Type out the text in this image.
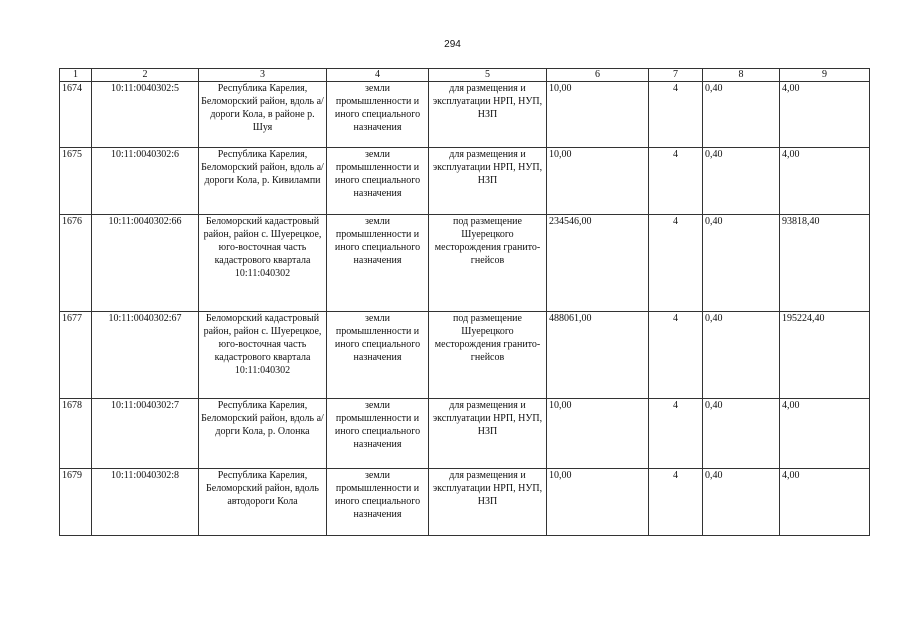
294
1	2	3	4	5	6	7	8	9
1674	10:11:0040302:5	Республика Карелия, Беломорский район, вдоль а/дороги Кола, в районе р. Шуя	земли промышленности и иного специального назначения	для размещения и эксплуатации НРП, НУП, НЗП	10,00	4	0,40	4,00
1675	10:11:0040302:6	Республика Карелия, Беломорский район, вдоль а/дороги Кола, р. Кивилампи	земли промышленности и иного специального назначения	для размещения и эксплуатации НРП, НУП, НЗП	10,00	4	0,40	4,00
1676	10:11:0040302:66	Беломорский кадастровый район, район с. Шуерецкое, юго-восточная часть кадастрового квартала 10:11:040302	земли промышленности и иного специального назначения	под размещение Шуерецкого месторождения гранито-гнейсов	234546,00	4	0,40	93818,40
1677	10:11:0040302:67	Беломорский кадастровый район, район с. Шуерецкое, юго-восточная часть кадастрового квартала 10:11:040302	земли промышленности и иного специального назначения	под размещение Шуерецкого месторождения гранито-гнейсов	488061,00	4	0,40	195224,40
1678	10:11:0040302:7	Республика Карелия, Беломорский район, вдоль а/дорги Кола, р. Олонка	земли промышленности и иного специального назначения	для размещения и эксплуатации НРП, НУП, НЗП	10,00	4	0,40	4,00
1679	10:11:0040302:8	Республика Карелия, Беломорский район, вдоль автодороги Кола	земли промышленности и иного специального назначения	для размещения и эксплуатации НРП, НУП, НЗП	10,00	4	0,40	4,00
